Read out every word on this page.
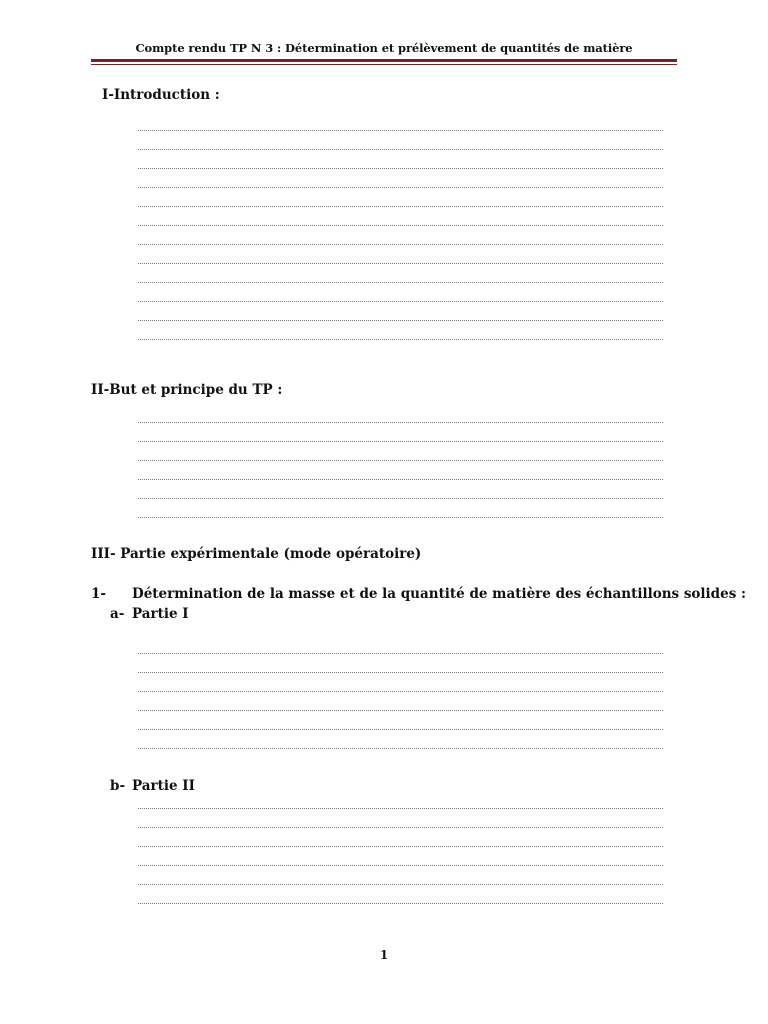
Compte rendu TP N 3 : Détermination et prélèvement de quantités de matière
I-Introduction :
II-But et principe du TP :
III- Partie expérimentale (mode opératoire)
1- Détermination de la masse et de la quantité de matière des échantillons solides :
a- Partie I
b- Partie II
1
